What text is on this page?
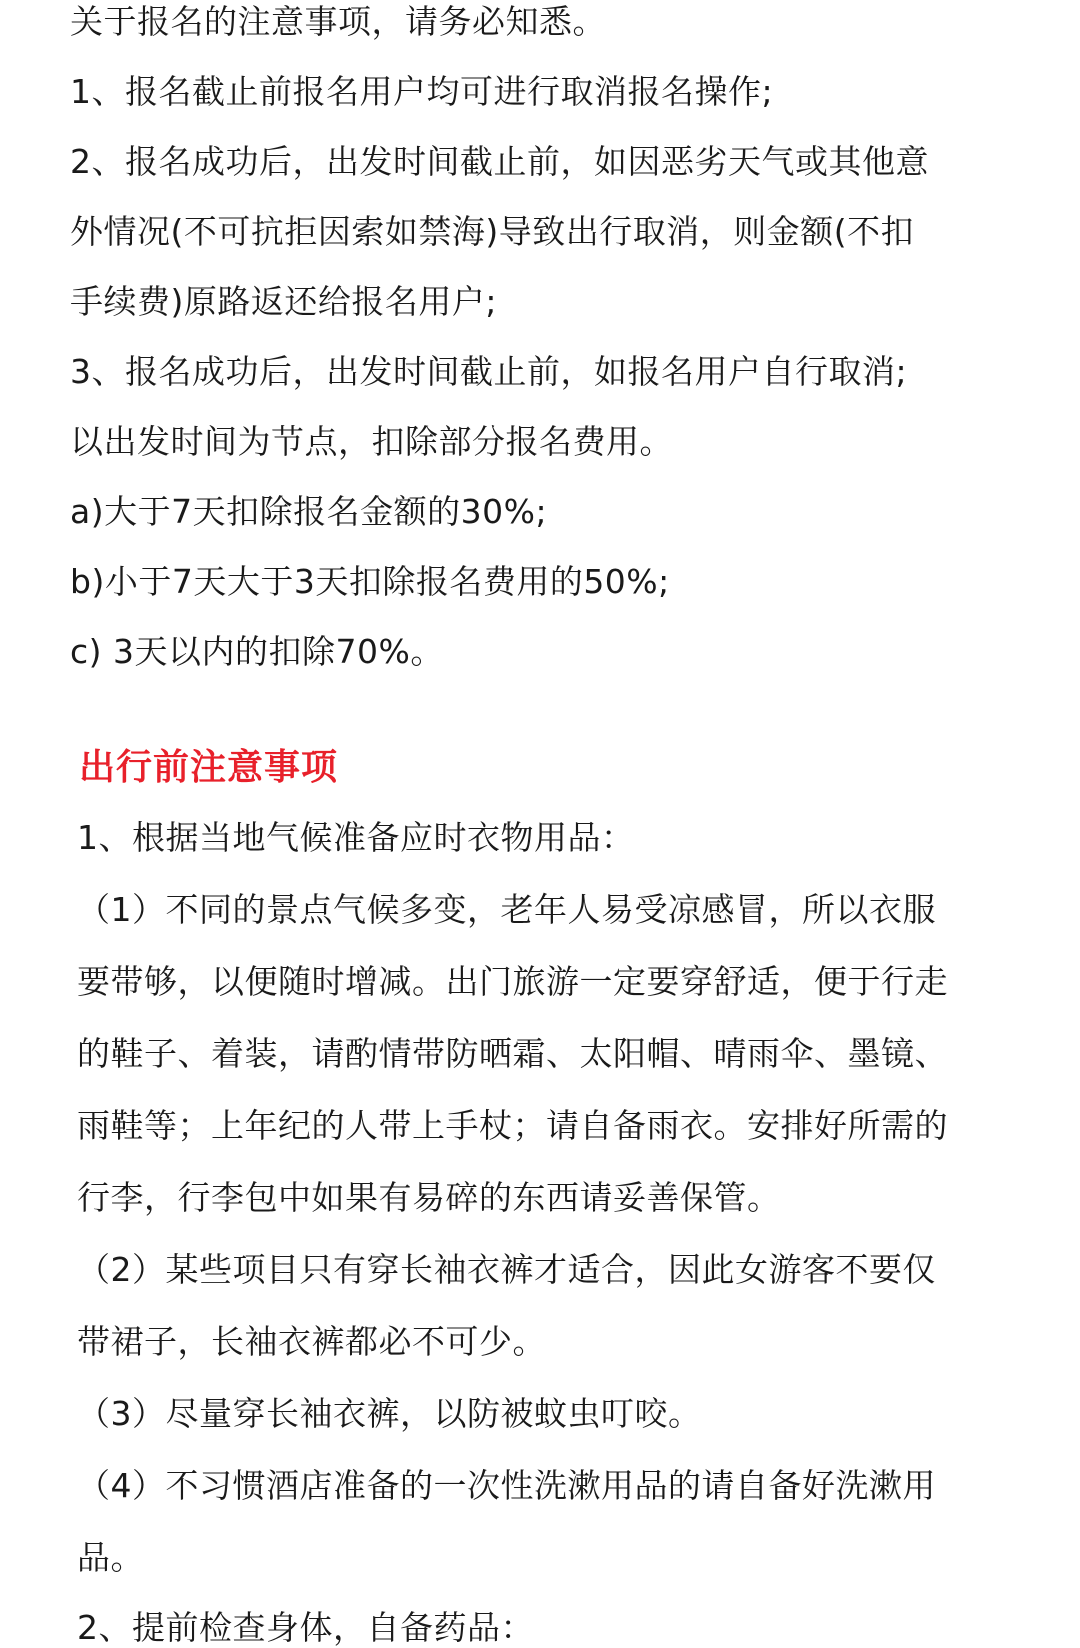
关于报名的注意事项，请务必知悉。
1、报名截止前报名用户均可进行取消报名操作;
2、报名成功后，出发时间截止前，如因恶劣天气或其他意
外情况(不可抗拒因索如禁海)导致出行取消，则金额(不扣
手续费)原路返还给报名用户;
3、报名成功后，出发时间截止前，如报名用户自行取消;
以出发时间为节点，扣除部分报名费用。
a)大于7天扣除报名金额的30%;
b)小于7天大于3天扣除报名费用的50%;
c) 3天以内的扣除70%。
出行前注意事项
1、根据当地气候准备应时衣物用品：
（1）不同的景点气候多变，老年人易受凉感冒，所以衣服
要带够，以便随时增减。出门旅游一定要穿舒适，便于行走
的鞋子、着装，请酌情带防晒霜、太阳帽、晴雨伞、墨镜、
雨鞋等；上年纪的人带上手杖；请自备雨衣。安排好所需的
行李，行李包中如果有易碎的东西请妥善保管。
（2）某些项目只有穿长袖衣裤才适合，因此女游客不要仅
带裙子，长袖衣裤都必不可少。
（3）尽量穿长袖衣裤，以防被蚊虫叮咬。
（4）不习惯酒店准备的一次性洗漱用品的请自备好洗漱用
品。
2、提前检查身体，自备药品：
